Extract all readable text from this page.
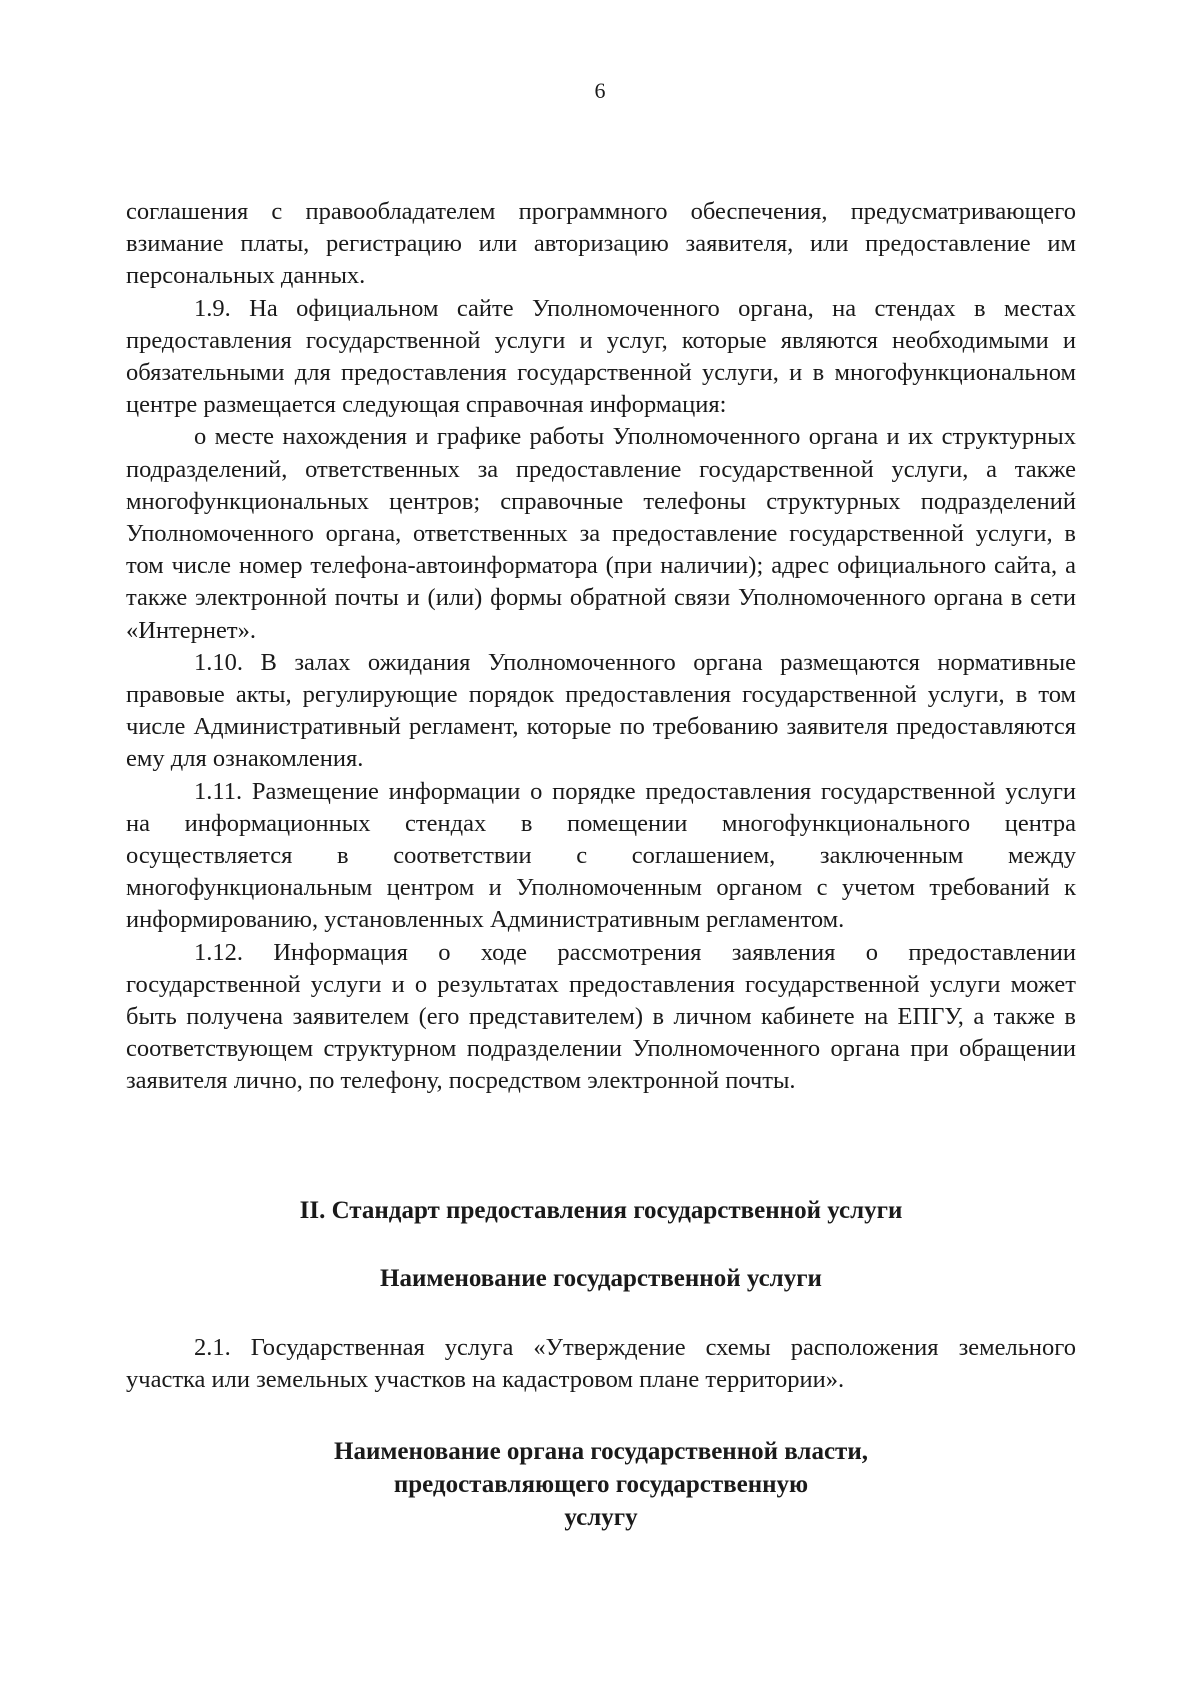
6

соглашения с правообладателем программного обеспечения, предусматривающего взимание платы, регистрацию или авторизацию заявителя, или предоставление им персональных данных.

1.9. На официальном сайте Уполномоченного органа, на стендах в местах предоставления государственной услуги и услуг, которые являются необходимыми и обязательными для предоставления государственной услуги, и в многофункциональном центре размещается следующая справочная информация:

о месте нахождения и графике работы Уполномоченного органа и их структурных подразделений, ответственных за предоставление государственной услуги, а также многофункциональных центров; справочные телефоны структурных подразделений Уполномоченного органа, ответственных за предоставление государственной услуги, в том числе номер телефона-автоинформатора (при наличии); адрес официального сайта, а также электронной почты и (или) формы обратной связи Уполномоченного органа в сети «Интернет».

1.10. В залах ожидания Уполномоченного органа размещаются нормативные правовые акты, регулирующие порядок предоставления государственной услуги, в том числе Административный регламент, которые по требованию заявителя предоставляются ему для ознакомления.

1.11. Размещение информации о порядке предоставления государственной услуги на информационных стендах в помещении многофункционального центра осуществляется в соответствии с соглашением, заключенным между многофункциональным центром и Уполномоченным органом с учетом требований к информированию, установленных Административным регламентом.

1.12. Информация о ходе рассмотрения заявления о предоставлении государственной услуги и о результатах предоставления государственной услуги может быть получена заявителем (его представителем) в личном кабинете на ЕПГУ, а также в соответствующем структурном подразделении Уполномоченного органа при обращении заявителя лично, по телефону, посредством электронной почты.

II. Стандарт предоставления государственной услуги
Наименование государственной услуги

2.1. Государственная услуга «Утверждение схемы расположения земельного участка или земельных участков на кадастровом плане территории».

Наименование органа государственной власти,
предоставляющего государственную
услугу
